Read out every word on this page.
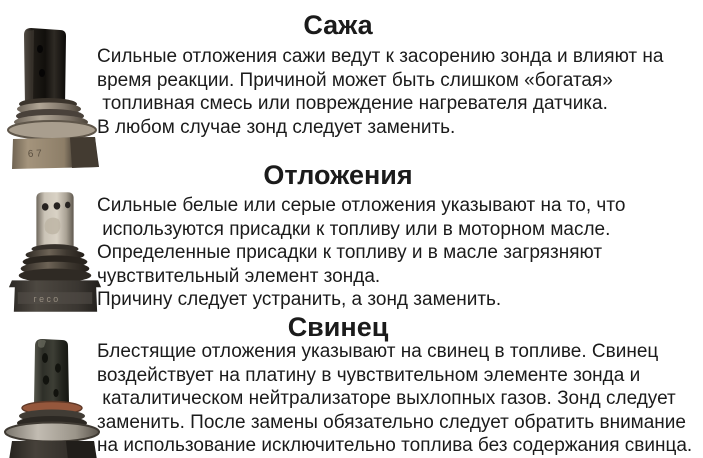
6 7
Сажа
Сильные отложения сажи ведут к засорению зонда и влияют на
время реакции. Причиной может быть слишком «богатая»
топливная смесь или повреждение нагревателя датчика.
В любом случае зонд следует заменить.
г е с о
Отложения
Сильные белые или серые отложения указывают на то, что
используются присадки к топливу или в моторном масле.
Определенные присадки к топливу и в масле загрязняют
чувствительный элемент зонда.
Причину следует устранить, а зонд заменить.
Свинец
Блестящие отложения указывают на свинец в топливе. Свинец
воздействует на платину в чувствительном элементе зонда и
каталитическом нейтрализаторе выхлопных газов. Зонд следует
заменить. После замены обязательно следует обратить внимание
на использование исключительно топлива без содержания свинца.
